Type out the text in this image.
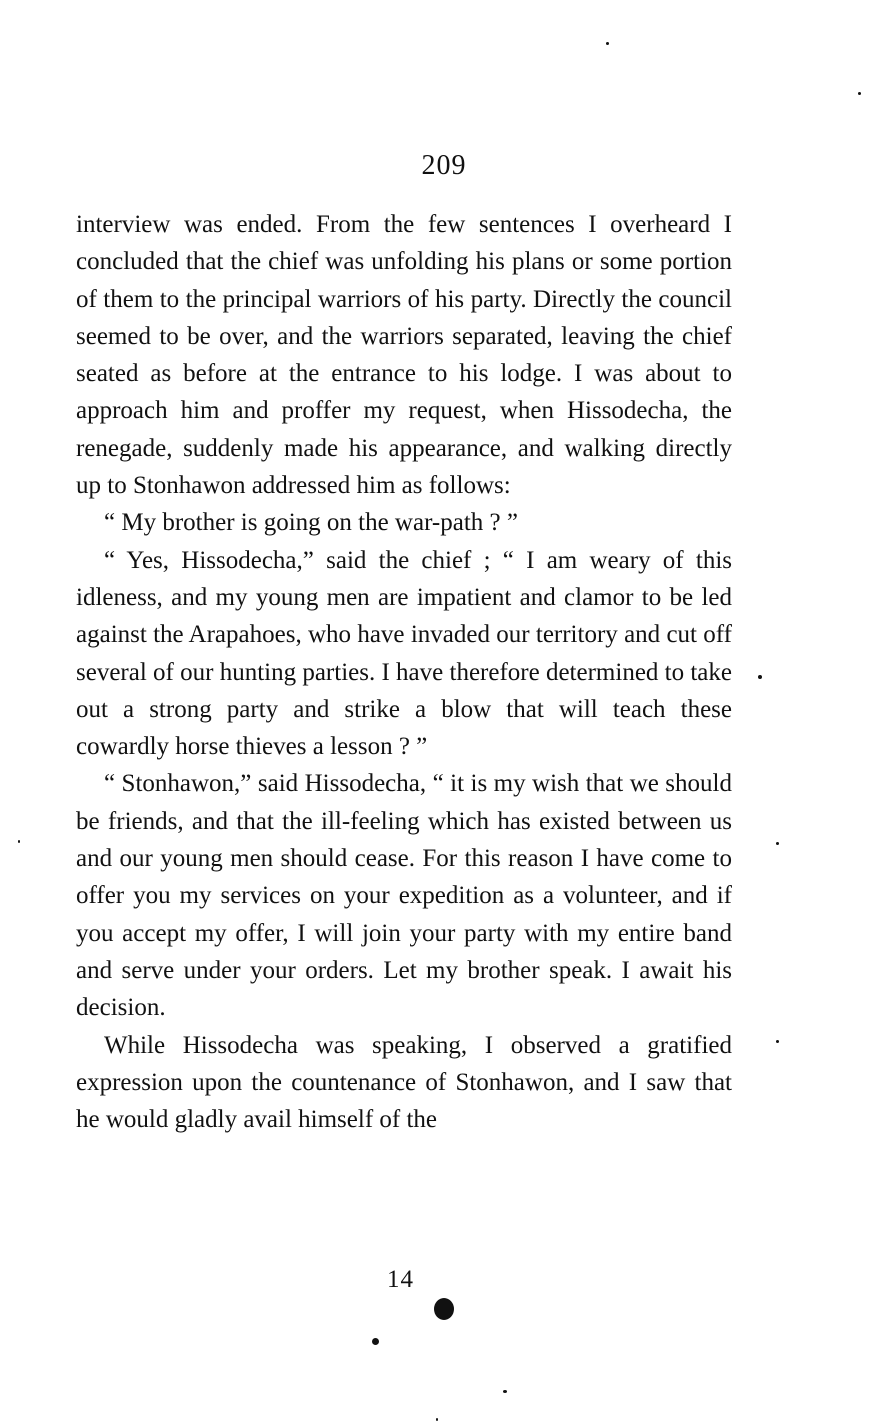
209

interview was ended. From the few sentences I overheard I concluded that the chief was unfolding his plans or some portion of them to the principal warriors of his party. Directly the council seemed to be over, and the warriors separated, leaving the chief seated as before at the entrance to his lodge. I was about to approach him and proffer my request, when Hissodecha, the renegade, suddenly made his appearance, and walking directly up to Stonhawon addressed him as follows:

“ My brother is going on the war-path ? ”

“ Yes, Hissodecha,” said the chief ; “ I am weary of this idleness, and my young men are impatient and clamor to be led against the Arapahoes, who have invaded our territory and cut off several of our hunting parties. I have therefore determined to take out a strong party and strike a blow that will teach these cowardly horse thieves a lesson ? ”

“ Stonhawon,” said Hissodecha, “ it is my wish that we should be friends, and that the ill-feeling which has existed between us and our young men should cease. For this reason I have come to offer you my services on your expedition as a volunteer, and if you accept my offer, I will join your party with my entire band and serve under your orders. Let my brother speak. I await his decision.

While Hissodecha was speaking, I observed a gratified expression upon the countenance of Stonhawon, and I saw that he would gladly avail himself of the

14
